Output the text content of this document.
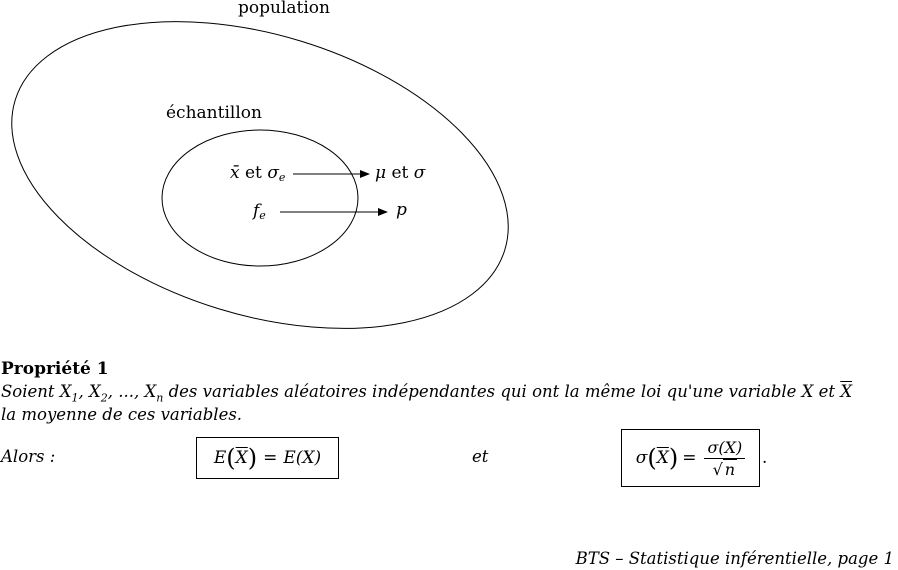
population
échantillon
x̄ et $\sigma_e$	μ et σ
$f_e$	p
Propriété 1
Soient $X_1$, $X_2$, ..., $X_n$ des variables aléatoires indépendantes qui ont la même loi qu'une variable X et $\overline{X}$
la moyenne de ces variables.
Alors :	E ( $\overline{X}$ ) = E(X)	et	σ ( $\overline{X}$ ) = $\frac{\sigma(X)}{√ n}$ .
BTS – Statistique inférentielle, page 1
